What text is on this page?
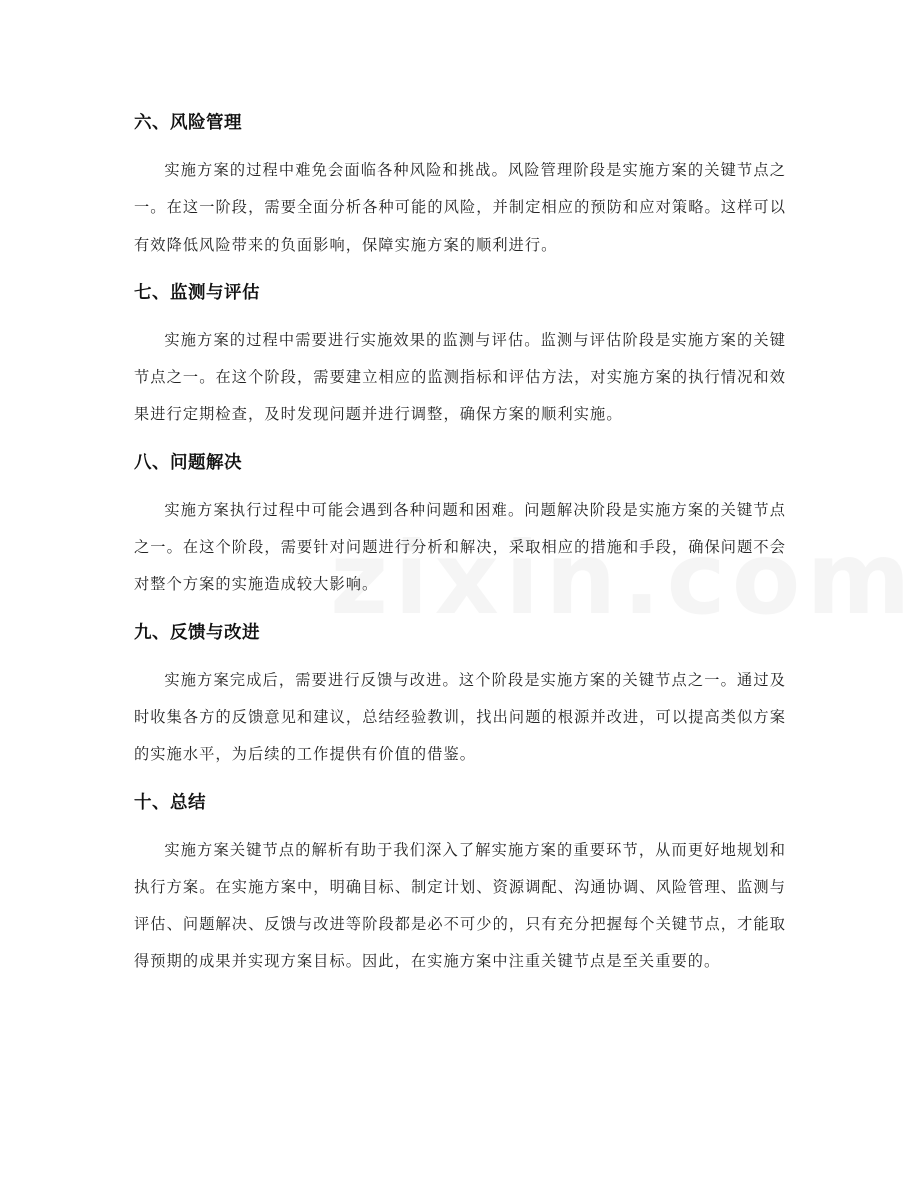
六、风险管理

实施方案的过程中难免会面临各种风险和挑战。风险管理阶段是实施方案的关键节点之一。在这一阶段，需要全面分析各种可能的风险，并制定相应的预防和应对策略。这样可以有效降低风险带来的负面影响，保障实施方案的顺利进行。

七、监测与评估

实施方案的过程中需要进行实施效果的监测与评估。监测与评估阶段是实施方案的关键节点之一。在这个阶段，需要建立相应的监测指标和评估方法，对实施方案的执行情况和效果进行定期检查，及时发现问题并进行调整，确保方案的顺利实施。

八、问题解决

实施方案执行过程中可能会遇到各种问题和困难。问题解决阶段是实施方案的关键节点之一。在这个阶段，需要针对问题进行分析和解决，采取相应的措施和手段，确保问题不会对整个方案的实施造成较大影响。

九、反馈与改进

实施方案完成后，需要进行反馈与改进。这个阶段是实施方案的关键节点之一。通过及时收集各方的反馈意见和建议，总结经验教训，找出问题的根源并改进，可以提高类似方案的实施水平，为后续的工作提供有价值的借鉴。

十、总结

实施方案关键节点的解析有助于我们深入了解实施方案的重要环节，从而更好地规划和执行方案。在实施方案中，明确目标、制定计划、资源调配、沟通协调、风险管理、监测与评估、问题解决、反馈与改进等阶段都是必不可少的，只有充分把握每个关键节点，才能取得预期的成果并实现方案目标。因此，在实施方案中注重关键节点是至关重要的。
